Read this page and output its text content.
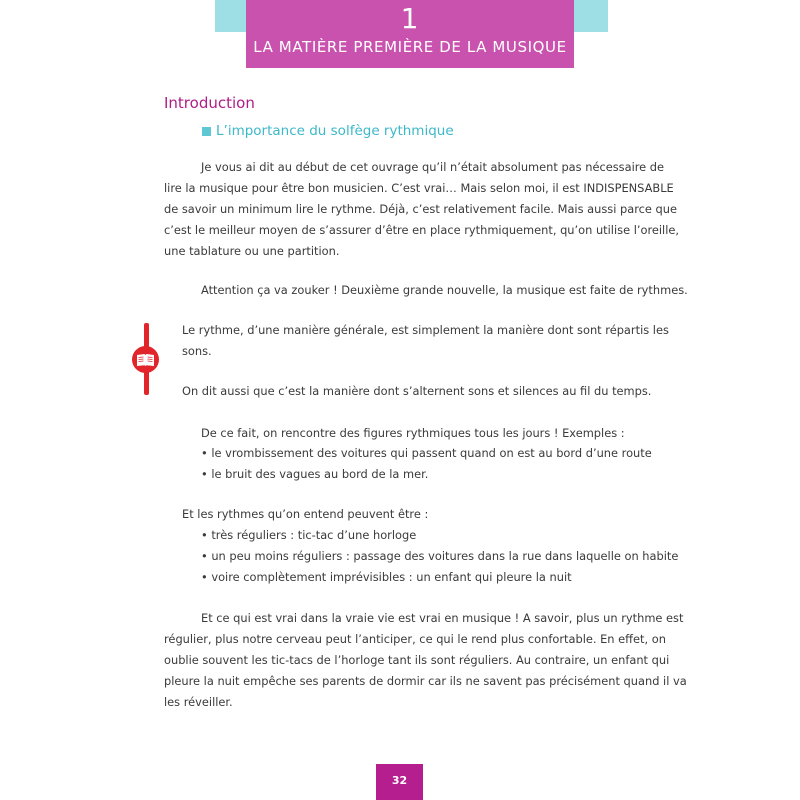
1
LA MATIÈRE PREMIÈRE DE LA MUSIQUE
Introduction
L’importance du solfège rythmique

Je vous ai dit au début de cet ouvrage qu’il n’était absolument pas nécessaire de

lire la musique pour être bon musicien. C’est vrai… Mais selon moi, il est INDISPENSABLE

de savoir un minimum lire le rythme. Déjà, c’est relativement facile. Mais aussi parce que

c’est le meilleur moyen de s’assurer d’être en place rythmiquement, qu’on utilise l’oreille,

une tablature ou une partition.

Attention ça va zouker ! Deuxième grande nouvelle, la musique est faite de rythmes.

Le rythme, d’une manière générale, est simplement la manière dont sont répartis les

sons.

On dit aussi que c’est la manière dont s’alternent sons et silences au fil du temps.

De ce fait, on rencontre des figures rythmiques tous les jours ! Exemples :

• le vrombissement des voitures qui passent quand on est au bord d’une route

• le bruit des vagues au bord de la mer.

Et les rythmes qu’on entend peuvent être :

• très réguliers : tic-tac d’une horloge

• un peu moins réguliers : passage des voitures dans la rue dans laquelle on habite

• voire complètement imprévisibles : un enfant qui pleure la nuit

Et ce qui est vrai dans la vraie vie est vrai en musique ! A savoir, plus un rythme est

régulier, plus notre cerveau peut l’anticiper, ce qui le rend plus confortable. En effet, on

oublie souvent les tic-tacs de l’horloge tant ils sont réguliers. Au contraire, un enfant qui

pleure la nuit empêche ses parents de dormir car ils ne savent pas précisément quand il va

les réveiller.

32
